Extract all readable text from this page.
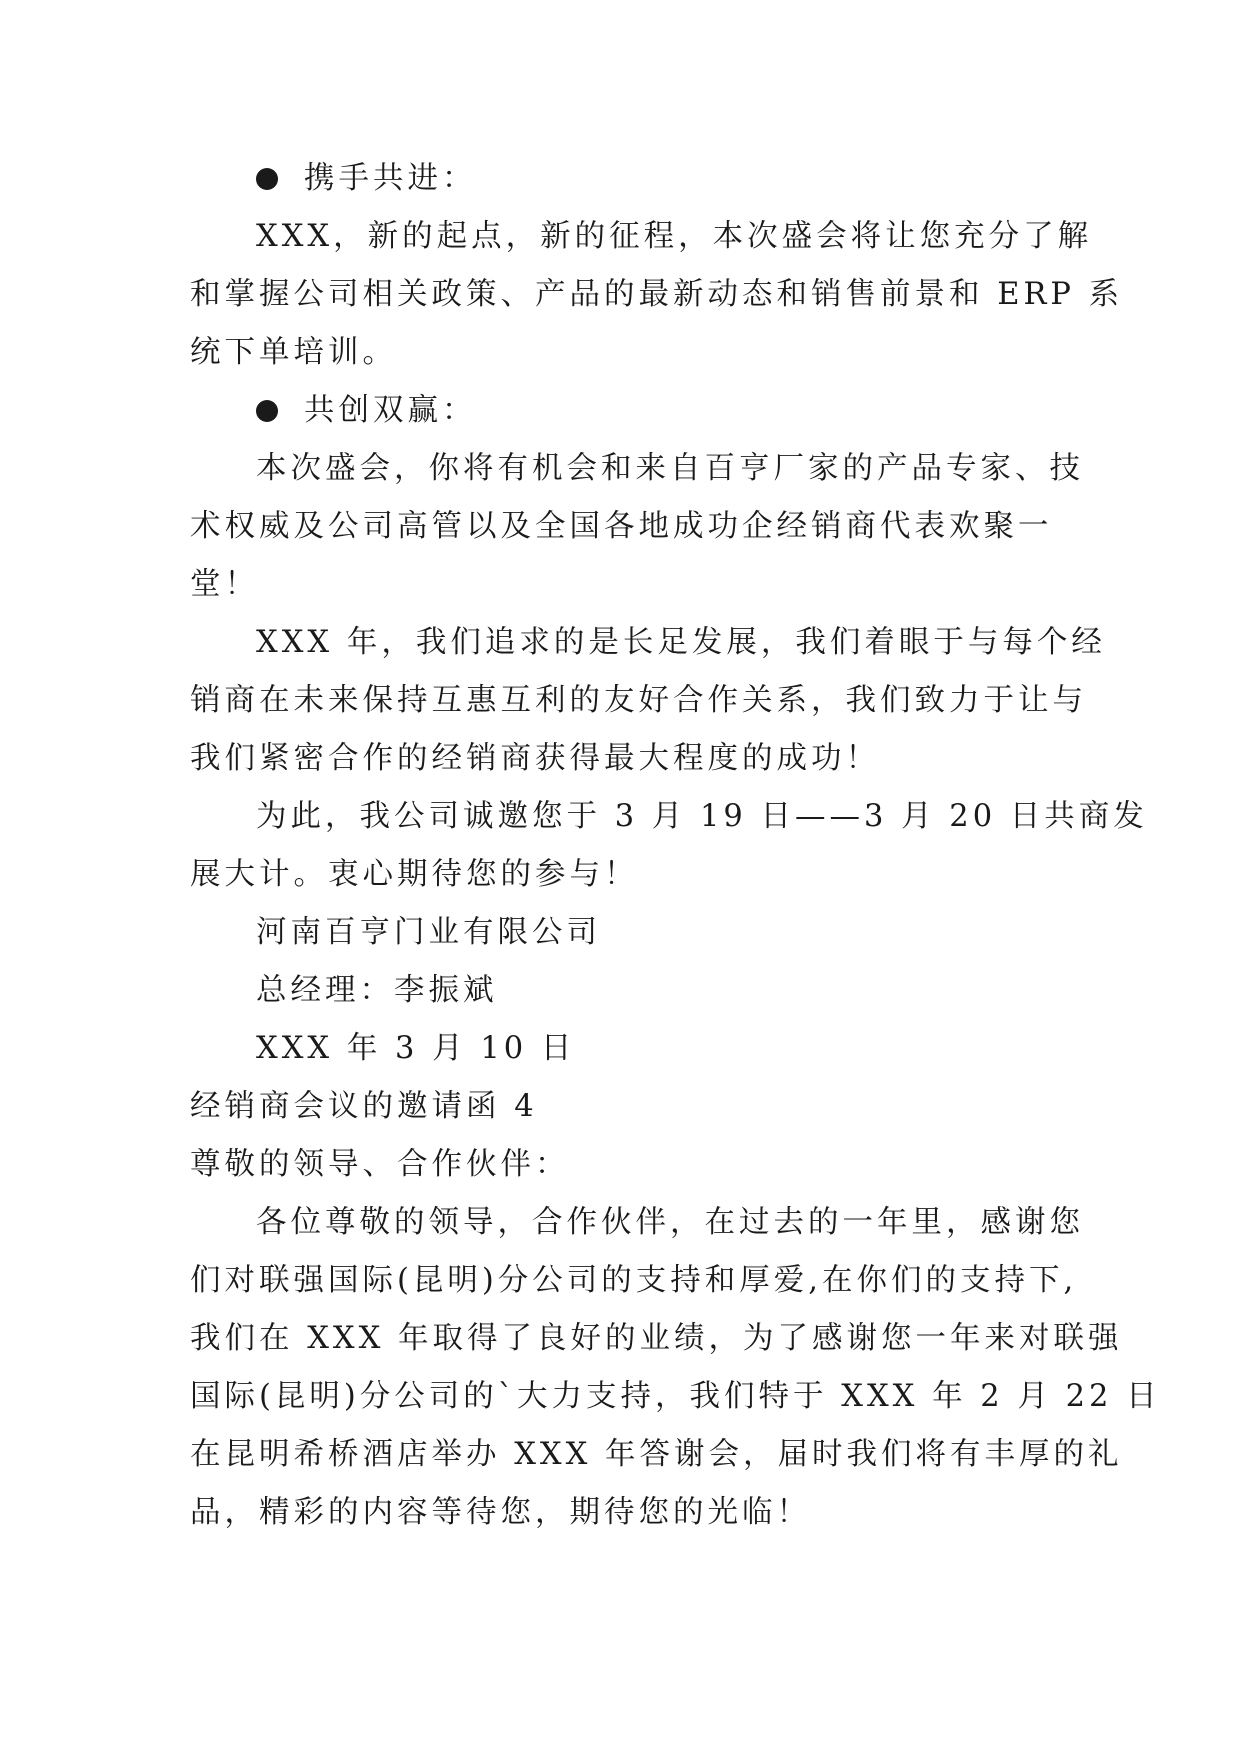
携手共进：
XXX，新的起点，新的征程，本次盛会将让您充分了解
和掌握公司相关政策、产品的最新动态和销售前景和 ERP 系
统下单培训。
共创双赢：
本次盛会，你将有机会和来自百亨厂家的产品专家、技
术权威及公司高管以及全国各地成功企经销商代表欢聚一
堂！
XXX 年，我们追求的是长足发展，我们着眼于与每个经
销商在未来保持互惠互利的友好合作关系，我们致力于让与
我们紧密合作的经销商获得最大程度的成功！
为此，我公司诚邀您于 3 月 19 日——3 月 20 日共商发
展大计。衷心期待您的参与！
河南百亨门业有限公司
总经理：李振斌
XXX 年 3 月 10 日
经销商会议的邀请函 4
尊敬的领导、合作伙伴：
各位尊敬的领导，合作伙伴，在过去的一年里，感谢您
们对联强国际(昆明)分公司的支持和厚爱,在你们的支持下,
我们在 XXX 年取得了良好的业绩，为了感谢您一年来对联强
国际(昆明)分公司的`大力支持，我们特于 XXX 年 2 月 22 日
在昆明希桥酒店举办 XXX 年答谢会，届时我们将有丰厚的礼
品，精彩的内容等待您，期待您的光临！
